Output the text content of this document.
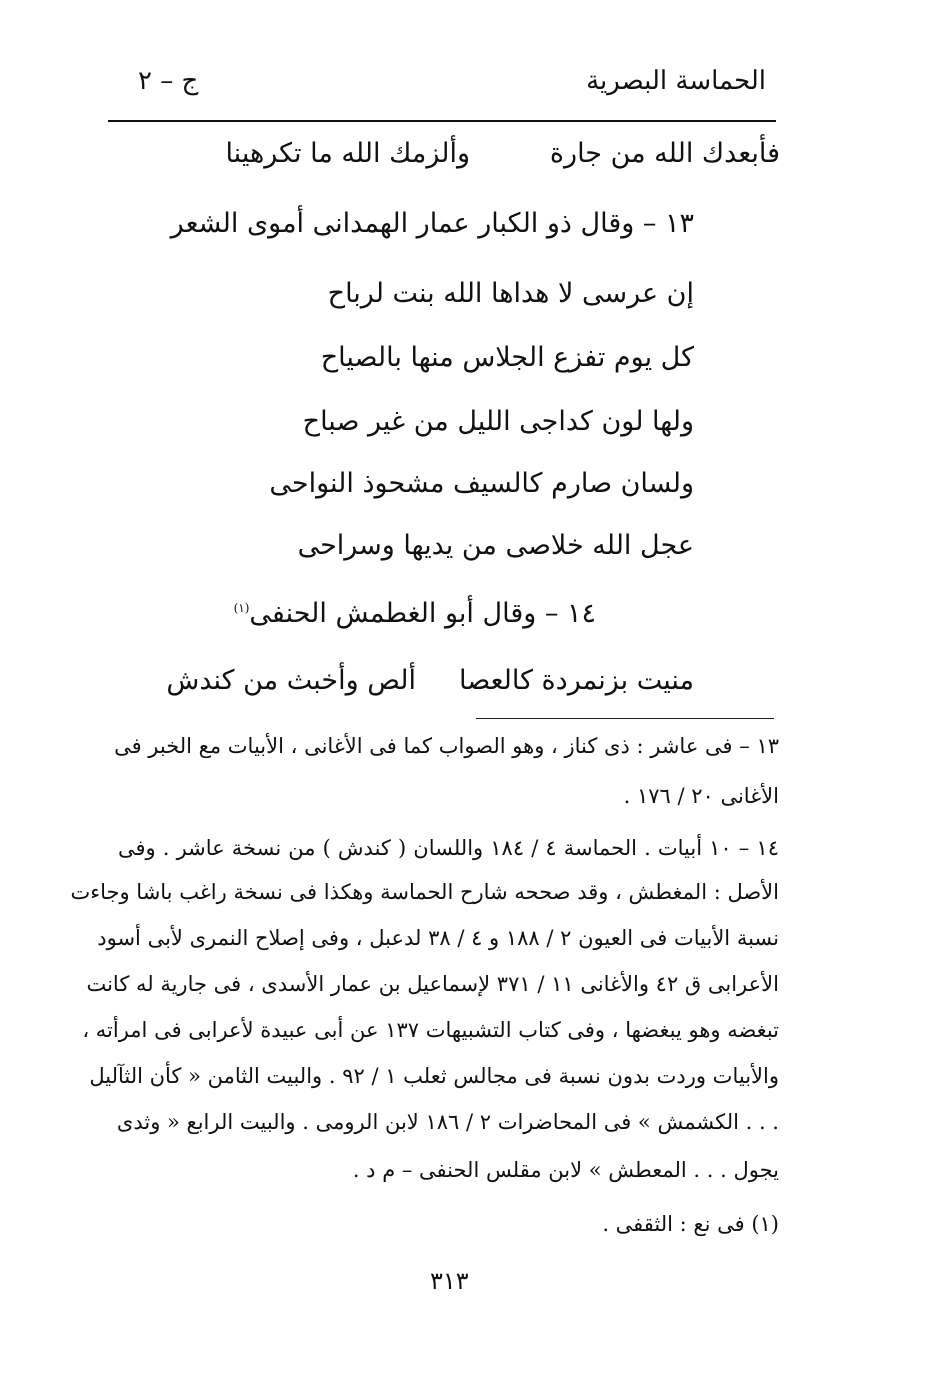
الحماسة البصرية
ج – ٢
فأبعدك الله من جارة
وألزمك الله ما تكرهينا
١٣ – وقال ذو الكبار عمار الهمدانى أموى الشعر
إن عرسى لا هداها الله بنت لرباح
كل يوم تفزع الجلاس منها بالصياح
ولها لون كداجى الليل من غير صباح
ولسان صارم كالسيف مشحوذ النواحى
عجل الله خلاصى من يديها وسراحى
١٤ – وقال أبو الغطمش الحنفى$^{(١)}$
منيت بزنمردة كالعصا
ألص وأخبث من كندش
١٣ – فى عاشر : ذى كناز ، وهو الصواب كما فى الأغانى ، الأبيات مع الخبر فى
الأغانى ٢٠ / ١٧٦ .
١٤ – ١٠ أبيات . الحماسة ٤ / ١٨٤ واللسان ( كندش ) من نسخة عاشر . وفى
الأصل : المغطش ، وقد صححه شارح الحماسة وهكذا فى نسخة راغب باشا وجاءت
نسبة الأبيات فى العيون ٢ / ١٨٨ و ٤ / ٣٨ لدعبل ، وفى إصلاح النمرى لأبى أسود
الأعرابى ق ٤٢ والأغانى ١١ / ٣٧١ لإسماعيل بن عمار الأسدى ، فى جارية له كانت
تبغضه وهو يبغضها ، وفى كتاب التشبيهات ١٣٧ عن أبى عبيدة لأعرابى فى امرأته ،
والأبيات وردت بدون نسبة فى مجالس ثعلب ١ / ٩٢ . والبيت الثامن « كأن الثآليل
. . . الكشمش » فى المحاضرات ٢ / ١٨٦ لابن الرومى . والبيت الرابع « وثدى
يجول . . . المعطش » لابن مقلس الحنفى – م د .
(١) فى نع : الثقفى .
٣١٣
